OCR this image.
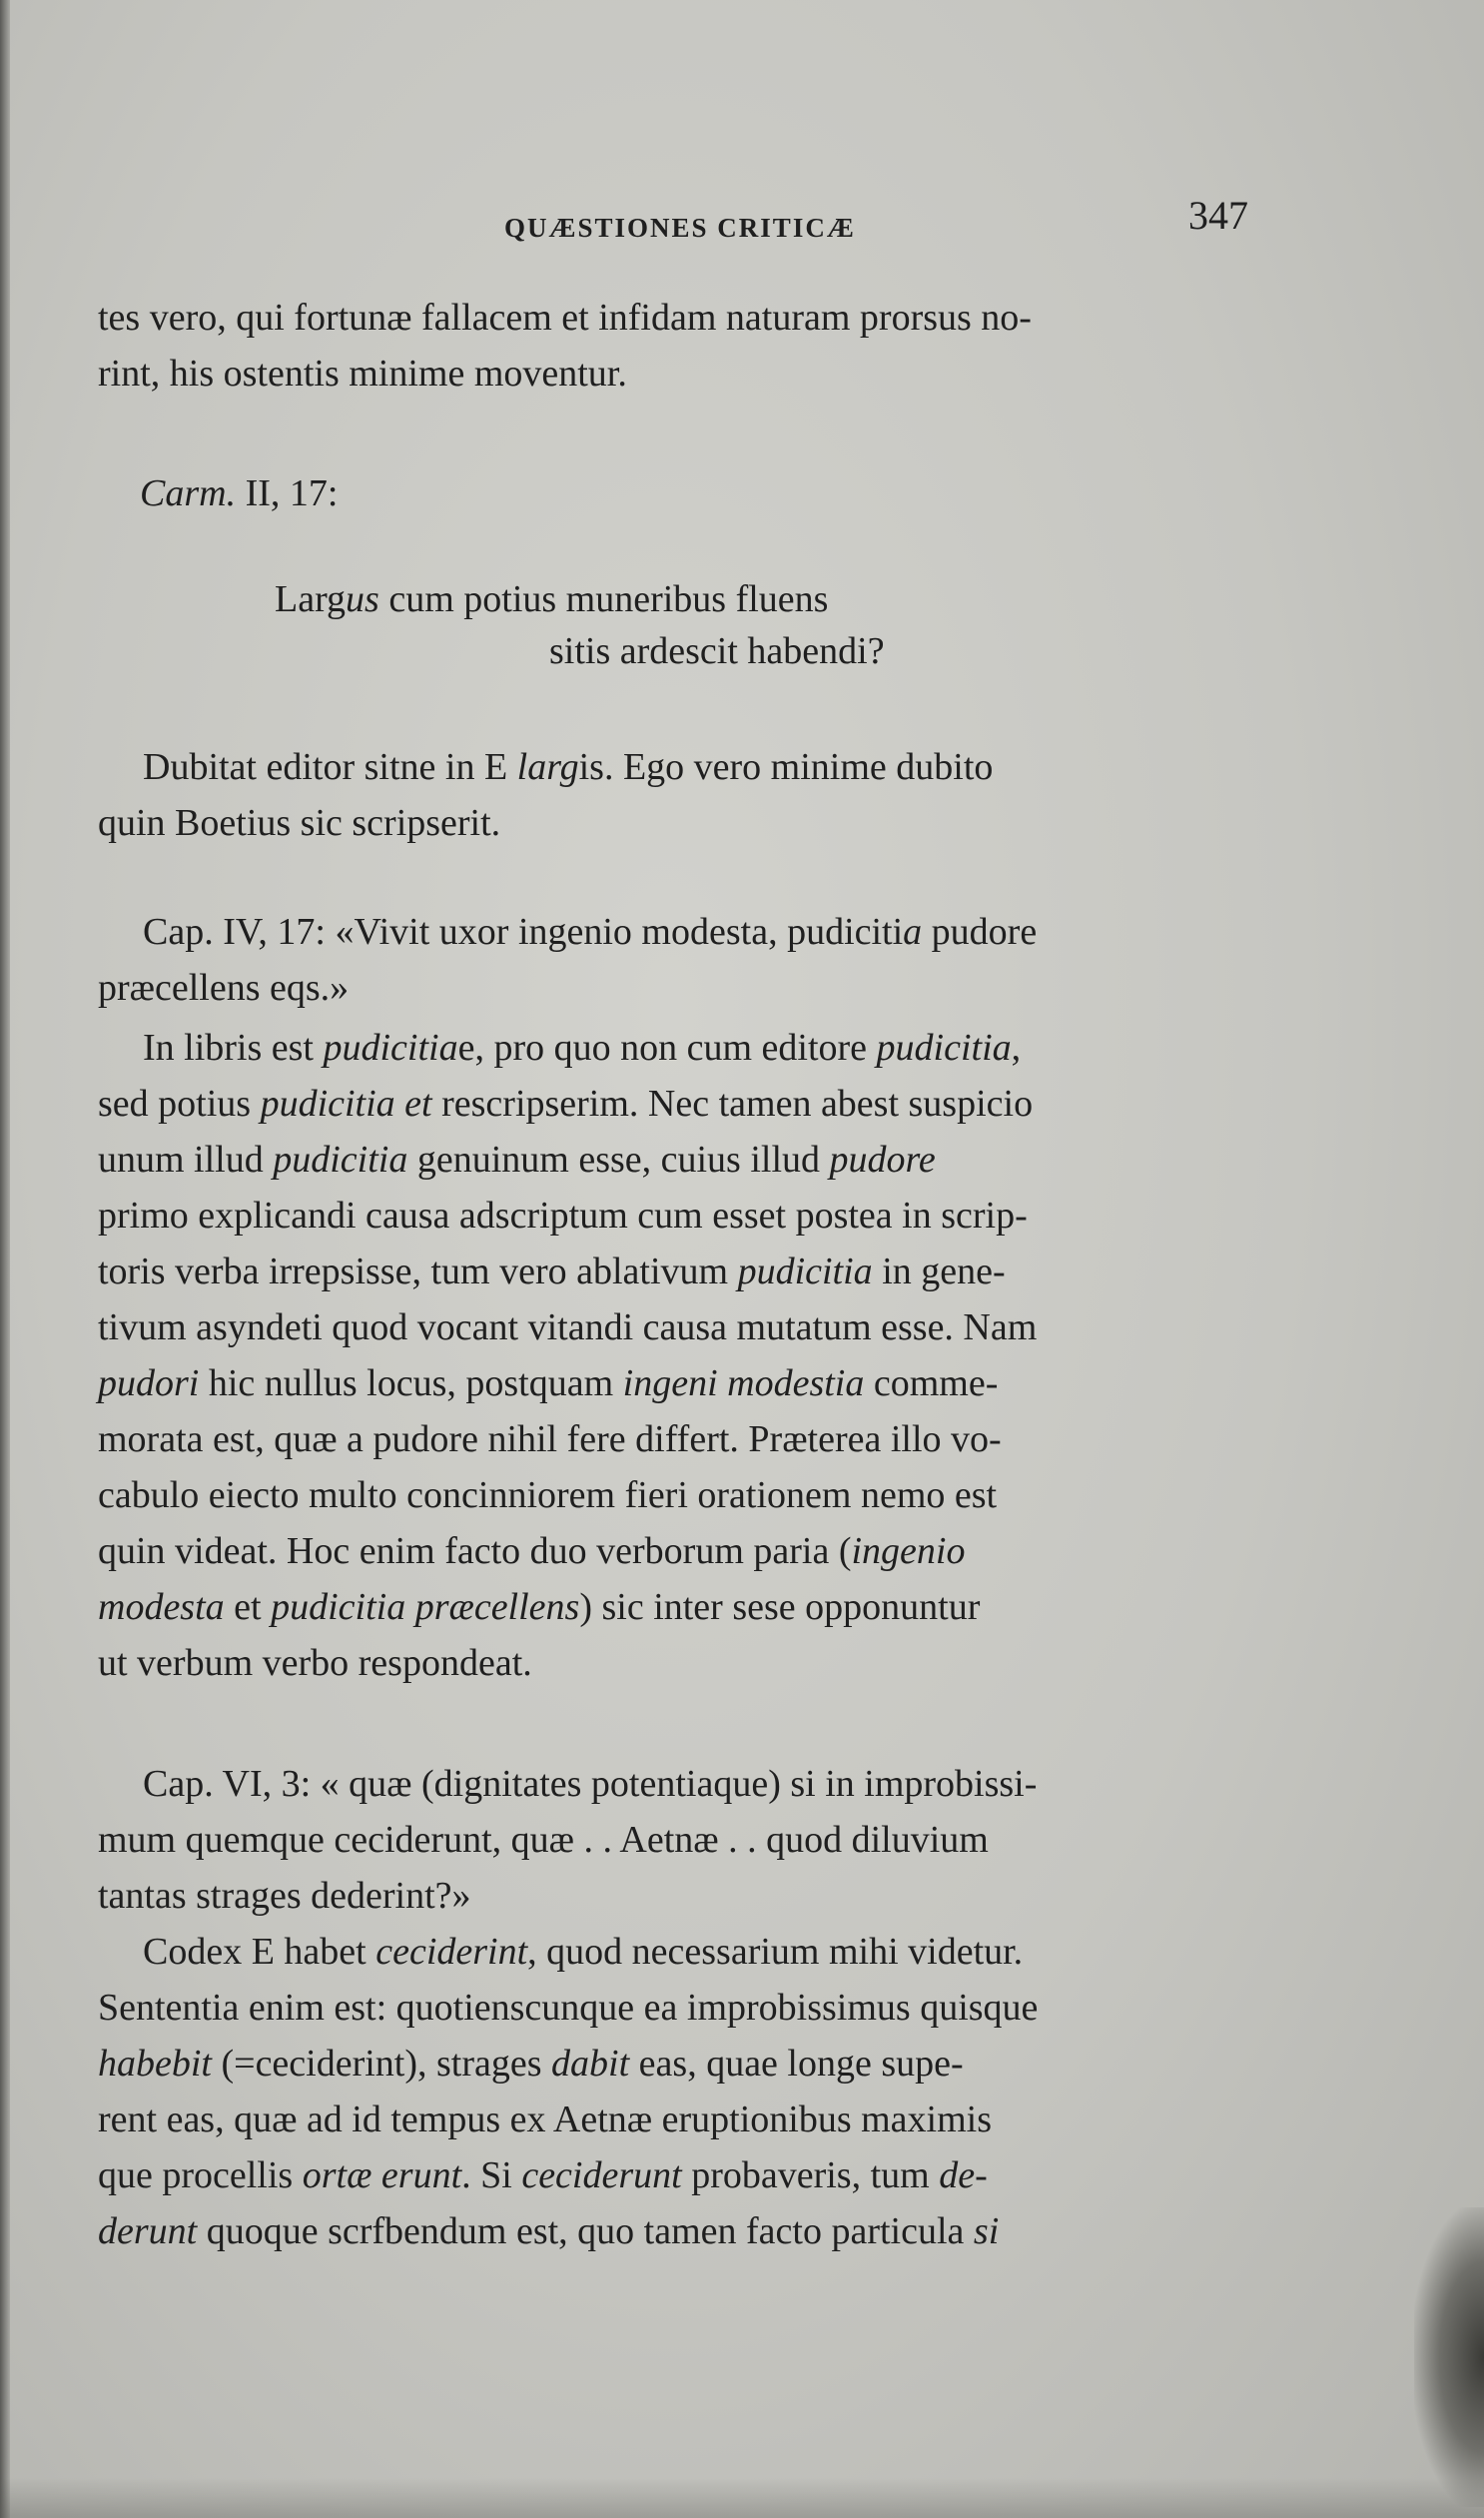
QUÆSTIONES CRITICÆ	347
tes vero, qui fortunæ fallacem et infidam naturam prorsus no-
rint, his ostentis minime moventur.
Carm. II, 17:
Largus cum potius muneribus fluens
sitis ardescit habendi?
Dubitat editor sitne in E largis. Ego vero minime dubito
quin Boetius sic scripserit.
Cap. IV, 17: «Vivit uxor ingenio modesta, pudicitia pudore
præcellens eqs.»
In libris est pudicitiae, pro quo non cum editore pudicitia,
sed potius pudicitia et rescripserim. Nec tamen abest suspicio
unum illud pudicitia genuinum esse, cuius illud pudore
primo explicandi causa adscriptum cum esset postea in scrip-
toris verba irrepsisse, tum vero ablativum pudicitia in gene-
tivum asyndeti quod vocant vitandi causa mutatum esse. Nam
pudori hic nullus locus, postquam ingeni modestia comme-
morata est, quæ a pudore nihil fere differt. Præterea illo vo-
cabulo eiecto multo concinniorem fieri orationem nemo est
quin videat. Hoc enim facto duo verborum paria (ingenio
modesta et pudicitia præcellens) sic inter sese opponuntur
ut verbum verbo respondeat.
Cap. VI, 3: « quæ (dignitates potentiaque) si in improbissi-
mum quemque ceciderunt, quæ . . Aetnæ . . quod diluvium
tantas strages dederint?»
Codex E habet ceciderint, quod necessarium mihi videtur.
Sententia enim est: quotienscunque ea improbissimus quisque
habebit (=ceciderint), strages dabit eas, quae longe supe-
rent eas, quæ ad id tempus ex Aetnæ eruptionibus maximis
que procellis ortæ erunt. Si ceciderunt probaveris, tum de-
derunt quoque scrfbendum est, quo tamen facto particula si
